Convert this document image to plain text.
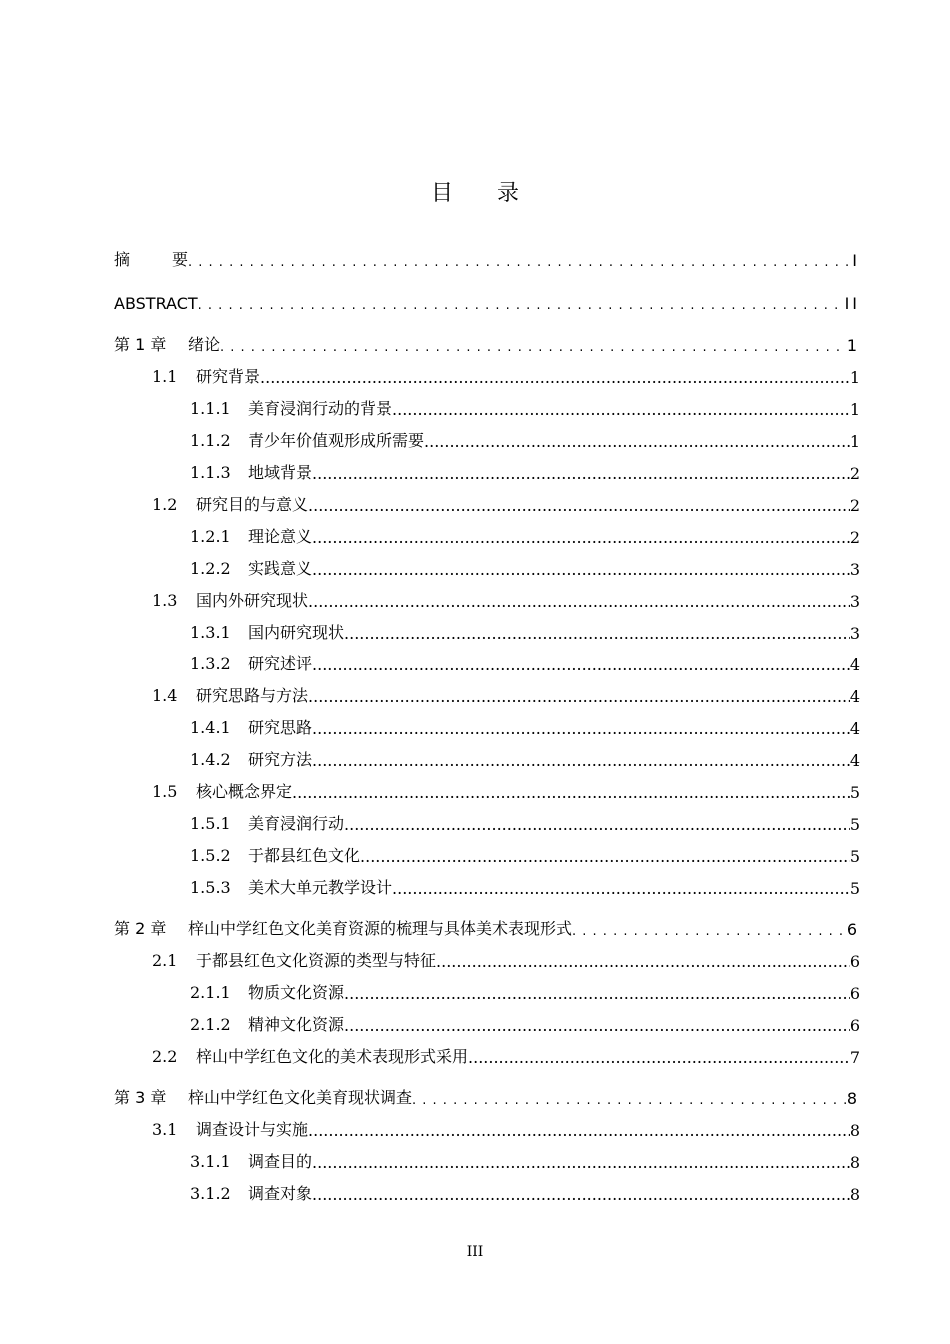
目录
摘	要 . . .	I
ABSTRACT . . .	II
第 1 章 绪论 . . .	1
1.1 研究背景 .....	1
1.1.1 美育浸润行动的背景 .....	1
1.1.2 青少年价值观形成所需要 .....	1
1.1.3 地域背景 .....	2
1.2 研究目的与意义 .....	2
1.2.1 理论意义 .....	2
1.2.2 实践意义 .....	3
1.3 国内外研究现状 .....	3
1.3.1 国内研究现状 .....	3
1.3.2 研究述评 .....	4
1.4 研究思路与方法 .....	4
1.4.1 研究思路 .....	4
1.4.2 研究方法 .....	4
1.5 核心概念界定 .....	5
1.5.1 美育浸润行动 .....	5
1.5.2 于都县红色文化 .....	5
1.5.3 美术大单元教学设计 .....	5
第 2 章 梓山中学红色文化美育资源的梳理与具体美术表现形式 . . .	6
2.1 于都县红色文化资源的类型与特征 .....	6
2.1.1 物质文化资源 .....	6
2.1.2 精神文化资源 .....	6
2.2 梓山中学红色文化的美术表现形式采用 .....	7
第 3 章 梓山中学红色文化美育现状调查 . . .	8
3.1 调查设计与实施 .....	8
3.1.1 调查目的 .....	8
3.1.2 调查对象 .....	8
III
